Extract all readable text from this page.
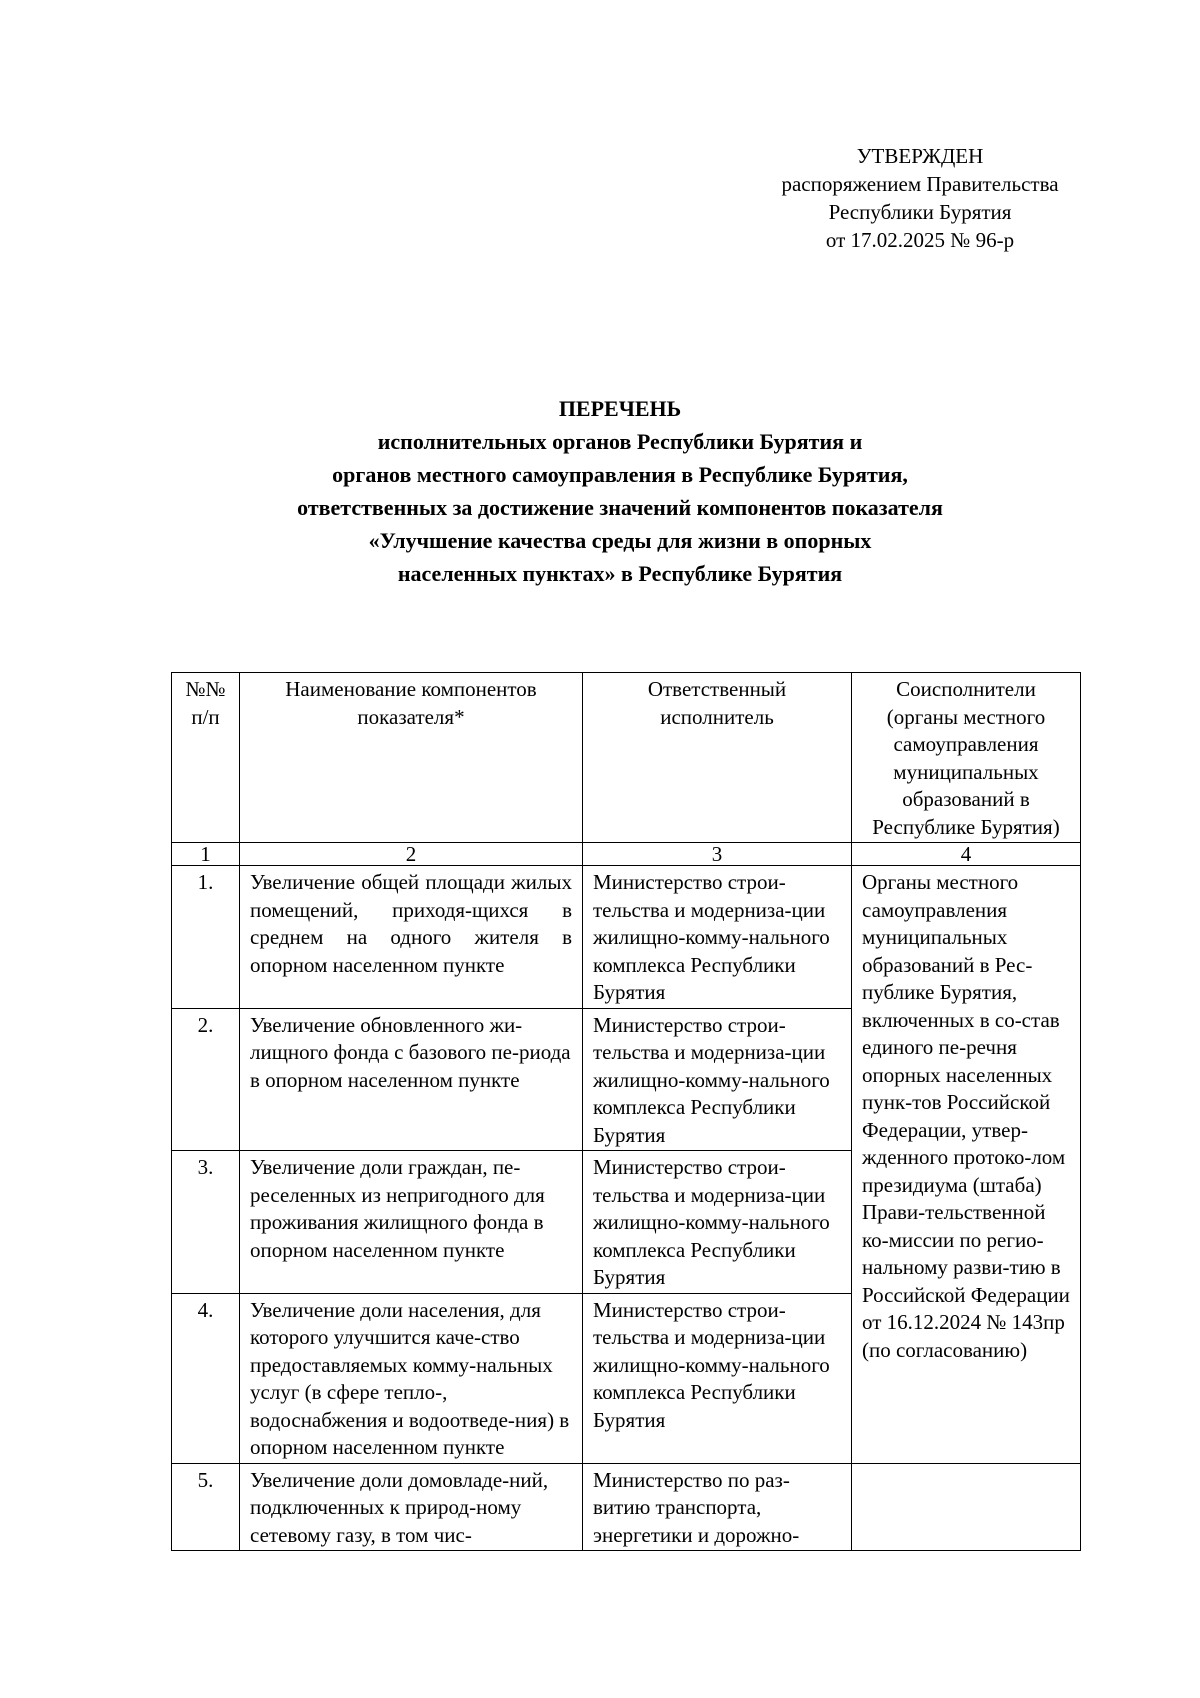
УТВЕРЖДЕН
распоряжением Правительства
Республики Бурятия
от 17.02.2025 № 96-р
ПЕРЕЧЕНЬ
исполнительных органов Республики Бурятия и
органов местного самоуправления в Республике Бурятия,
ответственных за достижение значений компонентов показателя
«Улучшение качества среды для жизни в опорных
населенных пунктах» в Республике Бурятия
№№ п/п	Наименование компонентов показателя*	Ответственный исполнитель	Соисполнители (органы местного самоуправления муниципальных образований в Республике Бурятия)
1	2	3	4
1.	Увеличение общей площади жилых помещений, приходя-щихся в среднем на одного жителя в опорном населенном пункте	Министерство строи-тельства и модерниза-ции жилищно-комму-нального комплекса Республики Бурятия	Органы местного самоуправления муниципальных образований в Рес-публике Бурятия, включенных в со-став единого пе-речня опорных населенных пунк-тов Российской Федерации, утвер-жденного протоко-лом президиума (штаба) Прави-тельственной ко-миссии по регио-нальному разви-тию в Российской Федерации от 16.12.2024 № 143пр (по согласованию)
2.	Увеличение обновленного жи-лищного фонда с базового пе-риода в опорном населенном пункте	Министерство строи-тельства и модерниза-ции жилищно-комму-нального комплекса Республики Бурятия	
3.	Увеличение доли граждан, пе-реселенных из непригодного для проживания жилищного фонда в опорном населенном пункте	Министерство строи-тельства и модерниза-ции жилищно-комму-нального комплекса Республики Бурятия	
4.	Увеличение доли населения, для которого улучшится каче-ство предоставляемых комму-нальных услуг (в сфере тепло-, водоснабжения и водоотведе-ния) в опорном населенном пункте	Министерство строи-тельства и модерниза-ции жилищно-комму-нального комплекса Республики Бурятия	
5.	Увеличение доли домовладе-ний, подключенных к природ-ному сетевому газу, в том чис-	Министерство по раз-витию транспорта, энергетики и дорожно-	
